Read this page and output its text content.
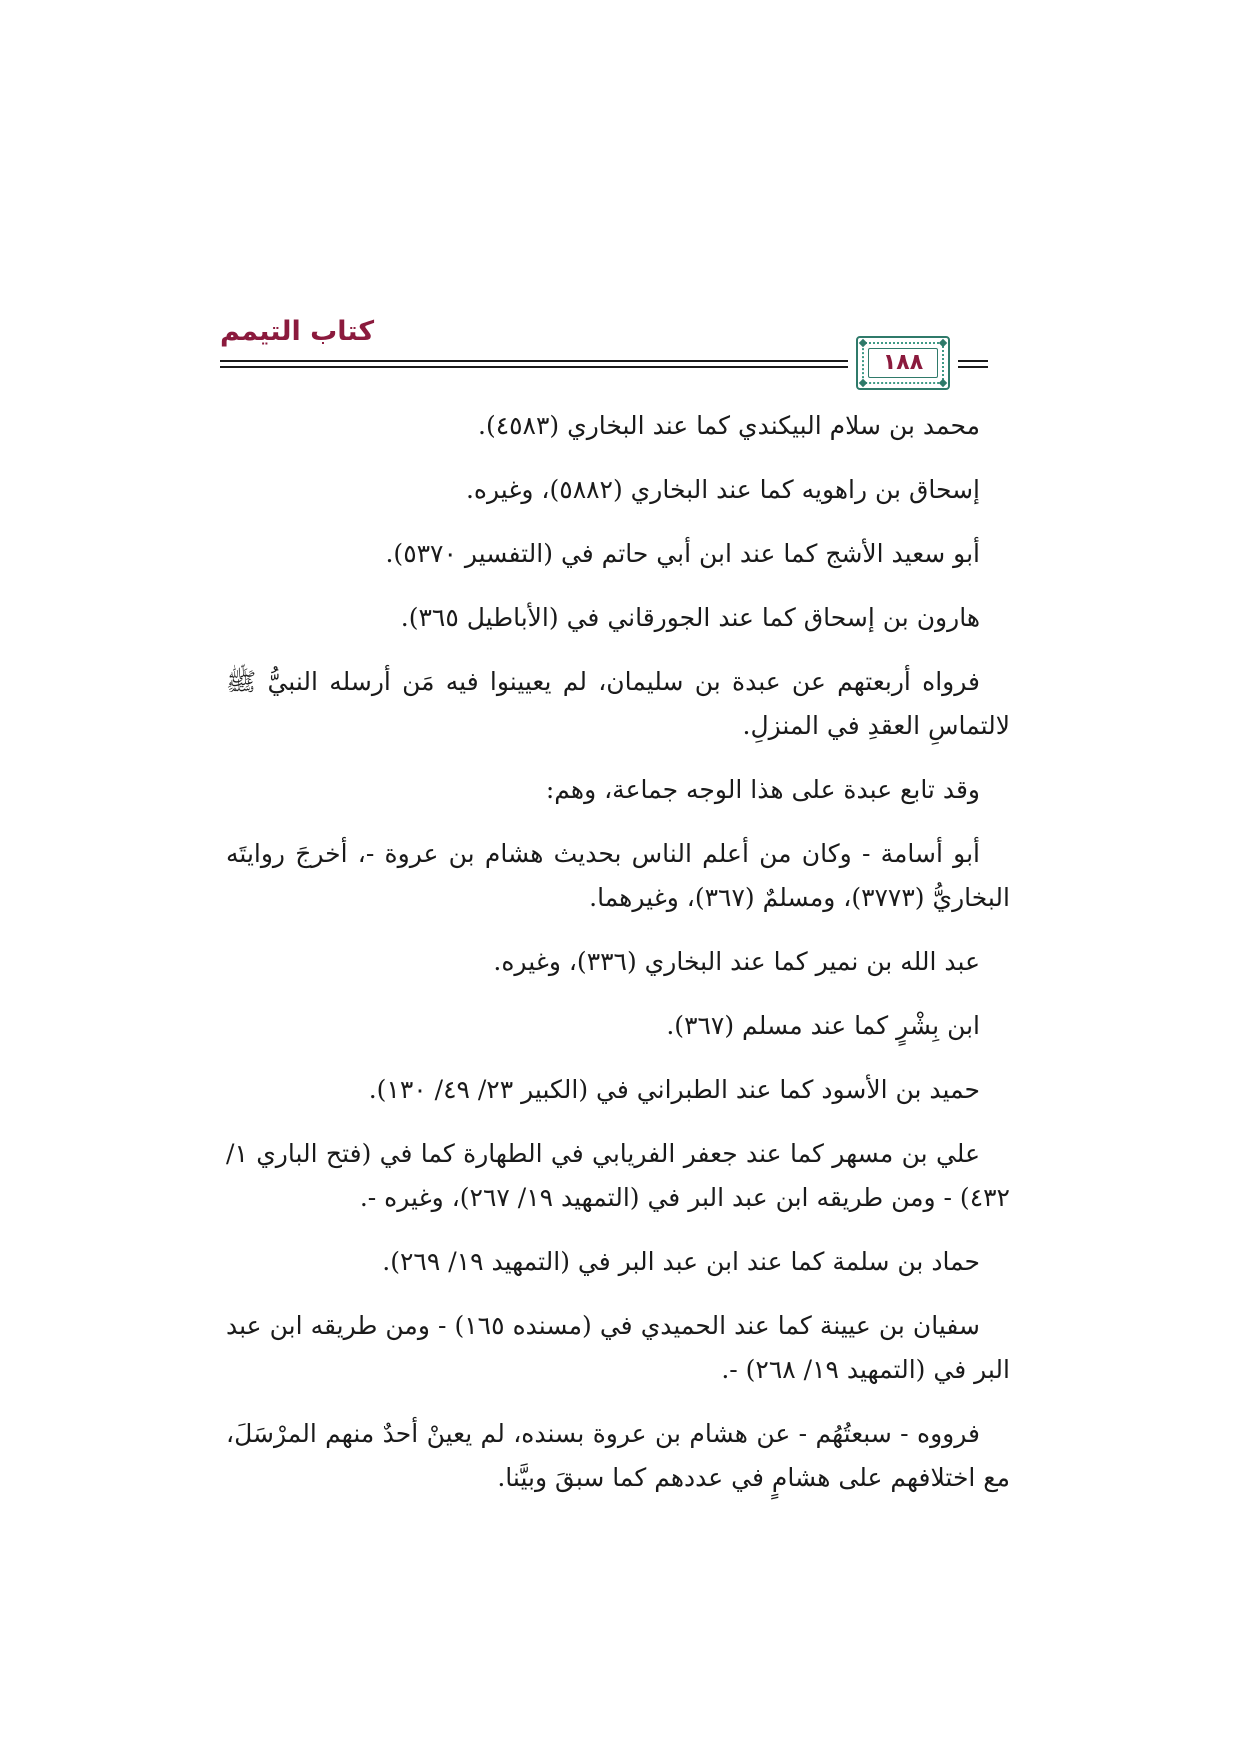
كتاب التيمم
١٨٨

محمد بن سلام البيكندي كما عند البخاري (٤٥٨٣).

إسحاق بن راهويه كما عند البخاري (٥٨٨٢)، وغيره.

أبو سعيد الأشج كما عند ابن أبي حاتم في (التفسير ٥٣٧٠).

هارون بن إسحاق كما عند الجورقاني في (الأباطيل ٣٦٥).

فرواه أربعتهم عن عبدة بن سليمان، لم يعيينوا فيه مَن أرسله النبيُّ ﷺ لالتماسِ العقدِ في المنزلِ.

وقد تابع عبدة على هذا الوجه جماعة، وهم:

أبو أسامة - وكان من أعلم الناس بحديث هشام بن عروة -، أخرجَ روايتَه البخاريُّ (٣٧٧٣)، ومسلمٌ (٣٦٧)، وغيرهما.

عبد الله بن نمير كما عند البخاري (٣٣٦)، وغيره.

ابن بِشْرٍ كما عند مسلم (٣٦٧).

حميد بن الأسود كما عند الطبراني في (الكبير ٢٣/ ٤٩/ ١٣٠).

علي بن مسهر كما عند جعفر الفريابي في الطهارة كما في (فتح الباري ١/ ٤٣٢) - ومن طريقه ابن عبد البر في (التمهيد ١٩/ ٢٦٧)، وغيره -.

حماد بن سلمة كما عند ابن عبد البر في (التمهيد ١٩/ ٢٦٩).

سفيان بن عيينة كما عند الحميدي في (مسنده ١٦٥) - ومن طريقه ابن عبد البر في (التمهيد ١٩/ ٢٦٨) -.

فرووه - سبعتُهُم - عن هشام بن عروة بسنده، لم يعينْ أحدٌ منهم المرْسَلَ، مع اختلافهم على هشامٍ في عددهم كما سبقَ وبيَّنا.
